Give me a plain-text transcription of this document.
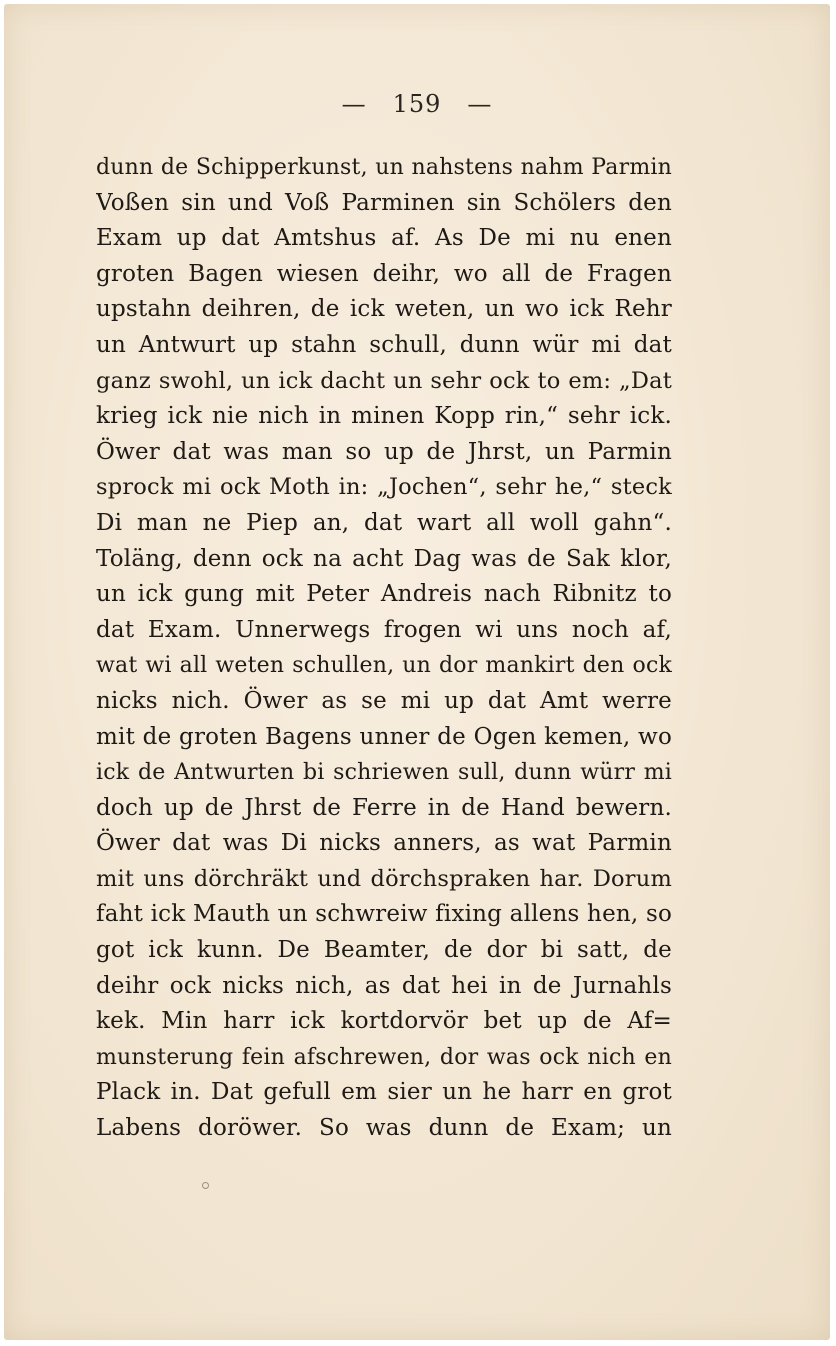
— 159 —
dunn de Schipperkunst, un nahstens nahm Parmin
Voßen sin und Voß Parminen sin Schölers den
Exam up dat Amtshus af. As De mi nu enen
groten Bagen wiesen deihr, wo all de Fragen
upstahn deihren, de ick weten, un wo ick Rehr
un Antwurt up stahn schull, dunn wür mi dat
ganz swohl, un ick dacht un sehr ock to em: „Dat
krieg ick nie nich in minen Kopp rin,“ sehr ick.
Öwer dat was man so up de Jhrst, un Parmin
sprock mi ock Moth in: „Jochen“, sehr he,“ steck
Di man ne Piep an, dat wart all woll gahn“.
Toläng, denn ock na acht Dag was de Sak klor,
un ick gung mit Peter Andreis nach Ribnitz to
dat Exam. Unnerwegs frogen wi uns noch af,
wat wi all weten schullen, un dor mankirt den ock
nicks nich. Öwer as se mi up dat Amt werre
mit de groten Bagens unner de Ogen kemen, wo
ick de Antwurten bi schriewen sull, dunn würr mi
doch up de Jhrst de Ferre in de Hand bewern.
Öwer dat was Di nicks anners, as wat Parmin
mit uns dörchräkt und dörchspraken har. Dorum
faht ick Mauth un schwreiw fixing allens hen, so
got ick kunn. De Beamter, de dor bi satt, de
deihr ock nicks nich, as dat hei in de Jurnahls
kek. Min harr ick kortdorvör bet up de Af=
munsterung fein afschrewen, dor was ock nich en
Plack in. Dat gefull em sier un he harr en grot
Labens doröwer. So was dunn de Exam; un
